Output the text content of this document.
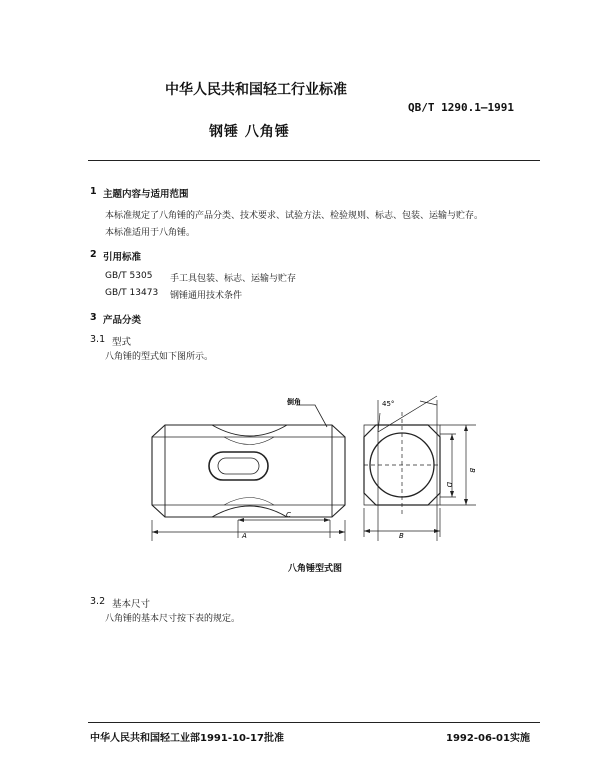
中华人民共和国轻工行业标准
QB/T 1290.1—1991
钢锤 八角锤
1 主题内容与适用范围
本标准规定了八角锤的产品分类、技术要求、试验方法、检验规则、标志、包装、运输与贮存。
本标准适用于八角锤。
2 引用标准
GB/T 5305 手工具包装、标志、运输与贮存
GB/T 13473 钢锤通用技术条件
3 产品分类
3.1 型式
八角锤的型式如下图所示。
倒角	45°
C
A	B
B
D
八角锤型式图
3.2 基本尺寸
八角锤的基本尺寸按下表的规定。
中华人民共和国轻工业部1991-10-17批准	1992-06-01实施
